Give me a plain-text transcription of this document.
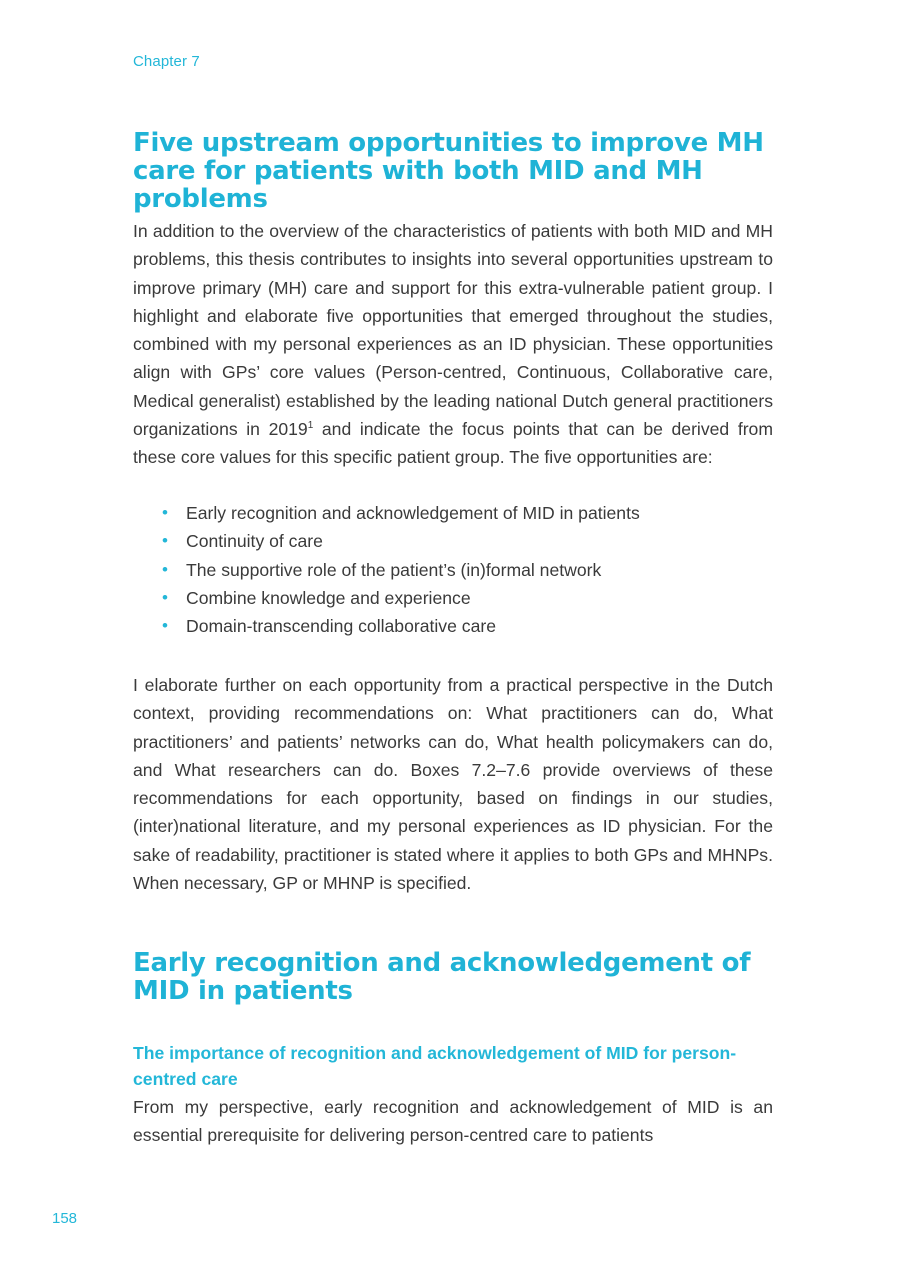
Chapter 7
Five upstream opportunities to improve MH care for patients with both MID and MH problems

In addition to the overview of the characteristics of patients with both MID and MH problems, this thesis contributes to insights into several opportunities upstream to improve primary (MH) care and support for this extra-vulnerable patient group. I highlight and elaborate five opportunities that emerged throughout the studies, combined with my personal experiences as an ID physician. These opportunities align with GPs’ core values (Person-centred, Continuous, Collaborative care, Medical generalist) established by the leading national Dutch general practitioners organizations in 2019$^1$ and indicate the focus points that can be derived from these core values for this specific patient group. The five opportunities are:

• Early recognition and acknowledgement of MID in patients
• Continuity of care
• The supportive role of the patient’s (in)formal network
• Combine knowledge and experience
• Domain-transcending collaborative care

I elaborate further on each opportunity from a practical perspective in the Dutch context, providing recommendations on: What practitioners can do, What practitioners’ and patients’ networks can do, What health policymakers can do, and What researchers can do. Boxes 7.2–7.6 provide overviews of these recommendations for each opportunity, based on findings in our studies, (inter)national literature, and my personal experiences as ID physician. For the sake of readability, practitioner is stated where it applies to both GPs and MHNPs. When necessary, GP or MHNP is specified.

Early recognition and acknowledgement of MID in patients
The importance of recognition and acknowledgement of MID for person-centred care

From my perspective, early recognition and acknowledgement of MID is an essential prerequisite for delivering person-centred care to patients

158
